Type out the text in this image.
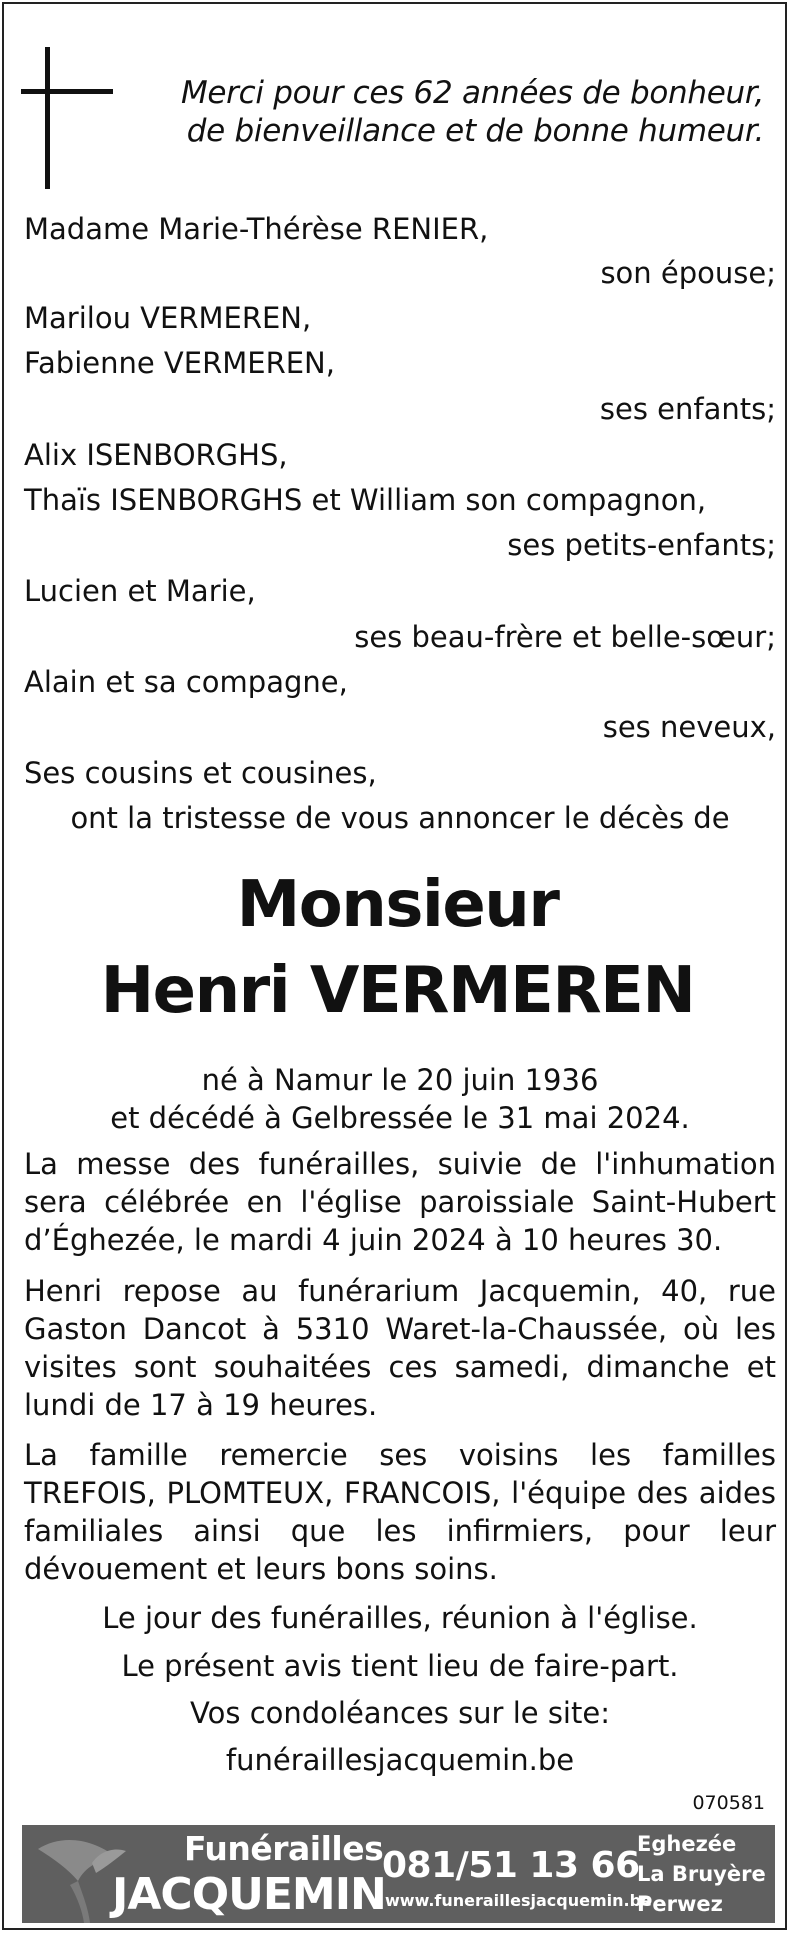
Merci pour ces 62 années de bonheur,
de bienveillance et de bonne humeur.
Madame Marie-Thérèse RENIER,
son épouse;
Marilou VERMEREN,
Fabienne VERMEREN,
ses enfants;
Alix ISENBORGHS,
Thaïs ISENBORGHS et William son compagnon,
ses petits-enfants;
Lucien et Marie,
ses beau-frère et belle-sœur;
Alain et sa compagne,
ses neveux,
Ses cousins et cousines,
ont la tristesse de vous annoncer le décès de
Monsieur
Henri VERMEREN
né à Namur le 20 juin 1936
et décédé à Gelbressée le 31 mai 2024.
La messe des funérailles, suivie de l'inhumation sera célébrée en l'église paroissiale Saint-Hubert d’Éghezée, le mardi 4 juin 2024 à 10 heures 30.
Henri repose au funérarium Jacquemin, 40, rue Gaston Dancot à 5310 Waret-la-Chaussée, où les visites sont souhaitées ces samedi, dimanche et lundi de 17 à 19 heures.
La famille remercie ses voisins les familles TREFOIS, PLOMTEUX, FRANCOIS, l'équipe des aides familiales ainsi que les infirmiers, pour leur dévouement et leurs bons soins.
Le jour des funérailles, réunion à l'église.
Le présent avis tient lieu de faire-part.
Vos condoléances sur le site:
funéraillesjacquemin.be
070581
Funérailles
JACQUEMIN
081/51 13 66
www.funeraillesjacquemin.be
Eghezée
La Bruyère
Perwez
